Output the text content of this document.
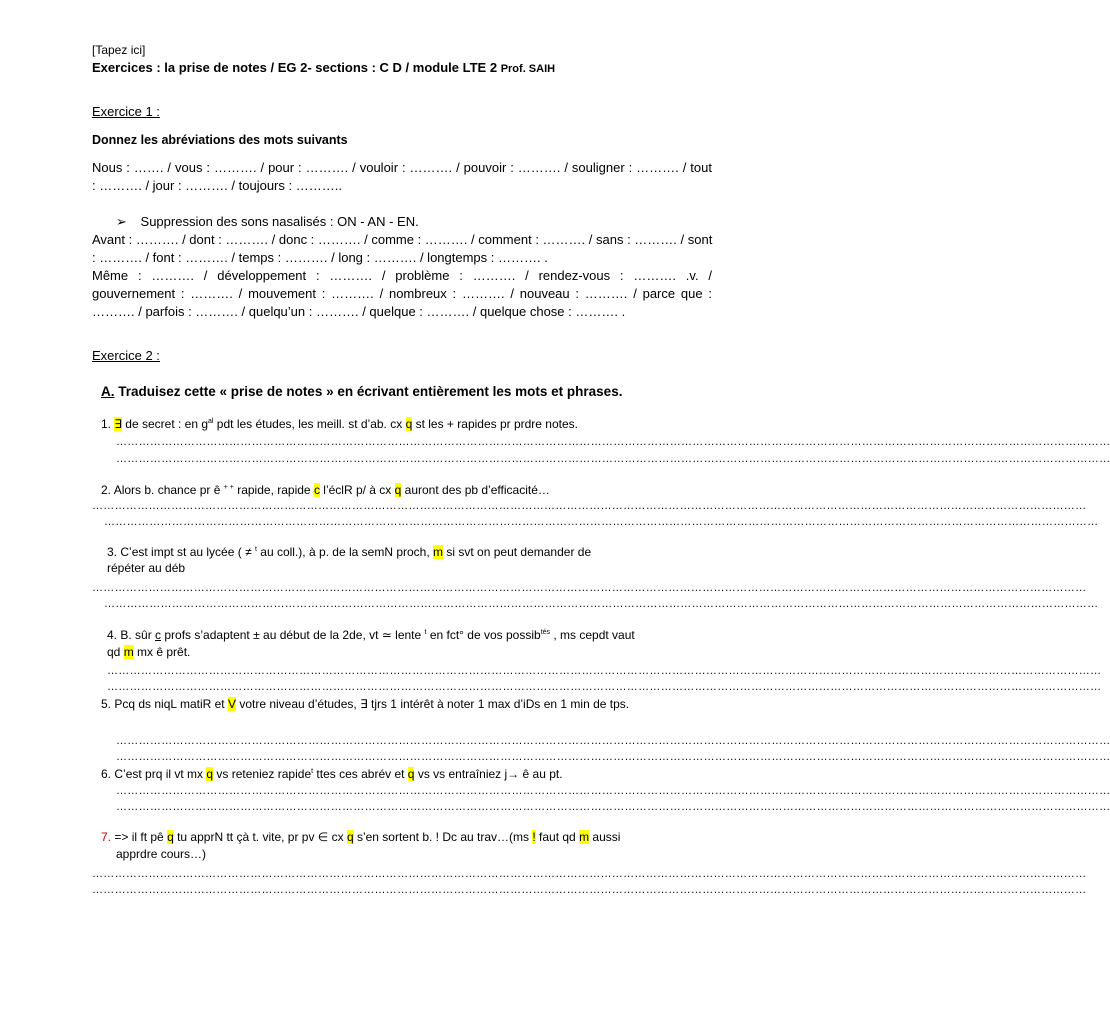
[Tapez ici]
Exercices : la prise de notes / EG 2- sections : C D / module LTE 2 Prof. SAIH
Exercice 1 :
Donnez les abréviations des mots suivants
Nous : ……. / vous : ………. / pour : ………. / vouloir : ………. / pouvoir : ………. / souligner : ………. / tout
: ………. / jour : ………. / toujours : ………..
➢ Suppression des sons nasalisés : ON - AN - EN.
Avant : ………. / dont : ………. / donc : ………. / comme : ………. / comment : ………. / sans : ………. / sont
: ………. / font : ………. / temps : ………. / long : ………. / longtemps : ………. .
Même : ………. / développement : ………. / problème : ………. / rendez-vous : ………. .v. /
gouvernement : ………. / mouvement : ………. / nombreux : ………. / nouveau : ………. / parce que :
………. / parfois : ………. / quelqu’un : ………. / quelque : ………. / quelque chose : ………. .
Exercice 2 :
A. Traduisez cette « prise de notes » en écrivant entièrement les mots et phrases.
1. ∃ de secret : en $g^{al}$ pdt les études, les meill. st d’ab. cx q st les + rapides pr prdre notes.
…………………………………………………………………………………………………………………………………………………………………………………………………………………………………………
…………………………………………………………………………………………………………………………………………………………………………………………………………………………………………
2. Alors b. chance pr ê + + rapide, rapide c l’éclR p/ à cx q auront des pb d’efficacité…
…………………………………………………………………………………………………………………………………………………………………………………………………………………………………………
…………………………………………………………………………………………………………………………………………………………………………………………………………………………………………
3. C’est impt st au lycée ( ≠ $^t$ au coll.), à p. de la semN proch, m si svt on peut demander de
répéter au déb
…………………………………………………………………………………………………………………………………………………………………………………………………………………………………………
…………………………………………………………………………………………………………………………………………………………………………………………………………………………………………
4. B. sûr c profs s’adaptent ± au début de la 2de, vt ≃ lente $^t$ en fct° de vos possib$^{tés}$ , ms cepdt vaut
qd m mx ê prêt.
…………………………………………………………………………………………………………………………………………………………………………………………………………………………………………
…………………………………………………………………………………………………………………………………………………………………………………………………………………………………………
5. Pcq ds niqL matiR et V votre niveau d’études, ∃ tjrs 1 intérêt à noter 1 max d’iDs en 1 min de tps.
…………………………………………………………………………………………………………………………………………………………………………………………………………………………………………
…………………………………………………………………………………………………………………………………………………………………………………………………………………………………………
6. C’est prq il vt mx q vs reteniez rapide$^t$ ttes ces abrév et q vs vs entraîniez j→ ê au pt.
…………………………………………………………………………………………………………………………………………………………………………………………………………………………………………
…………………………………………………………………………………………………………………………………………………………………………………………………………………………………………
7. => il ft pê q tu apprN tt çà t. vite, pr pv ∈ cx q s’en sortent b. ! Dc au trav…(ms ! faut qd m aussi
apprdre cours…)
…………………………………………………………………………………………………………………………………………………………………………………………………………………………………………
…………………………………………………………………………………………………………………………………………………………………………………………………………………………………………
